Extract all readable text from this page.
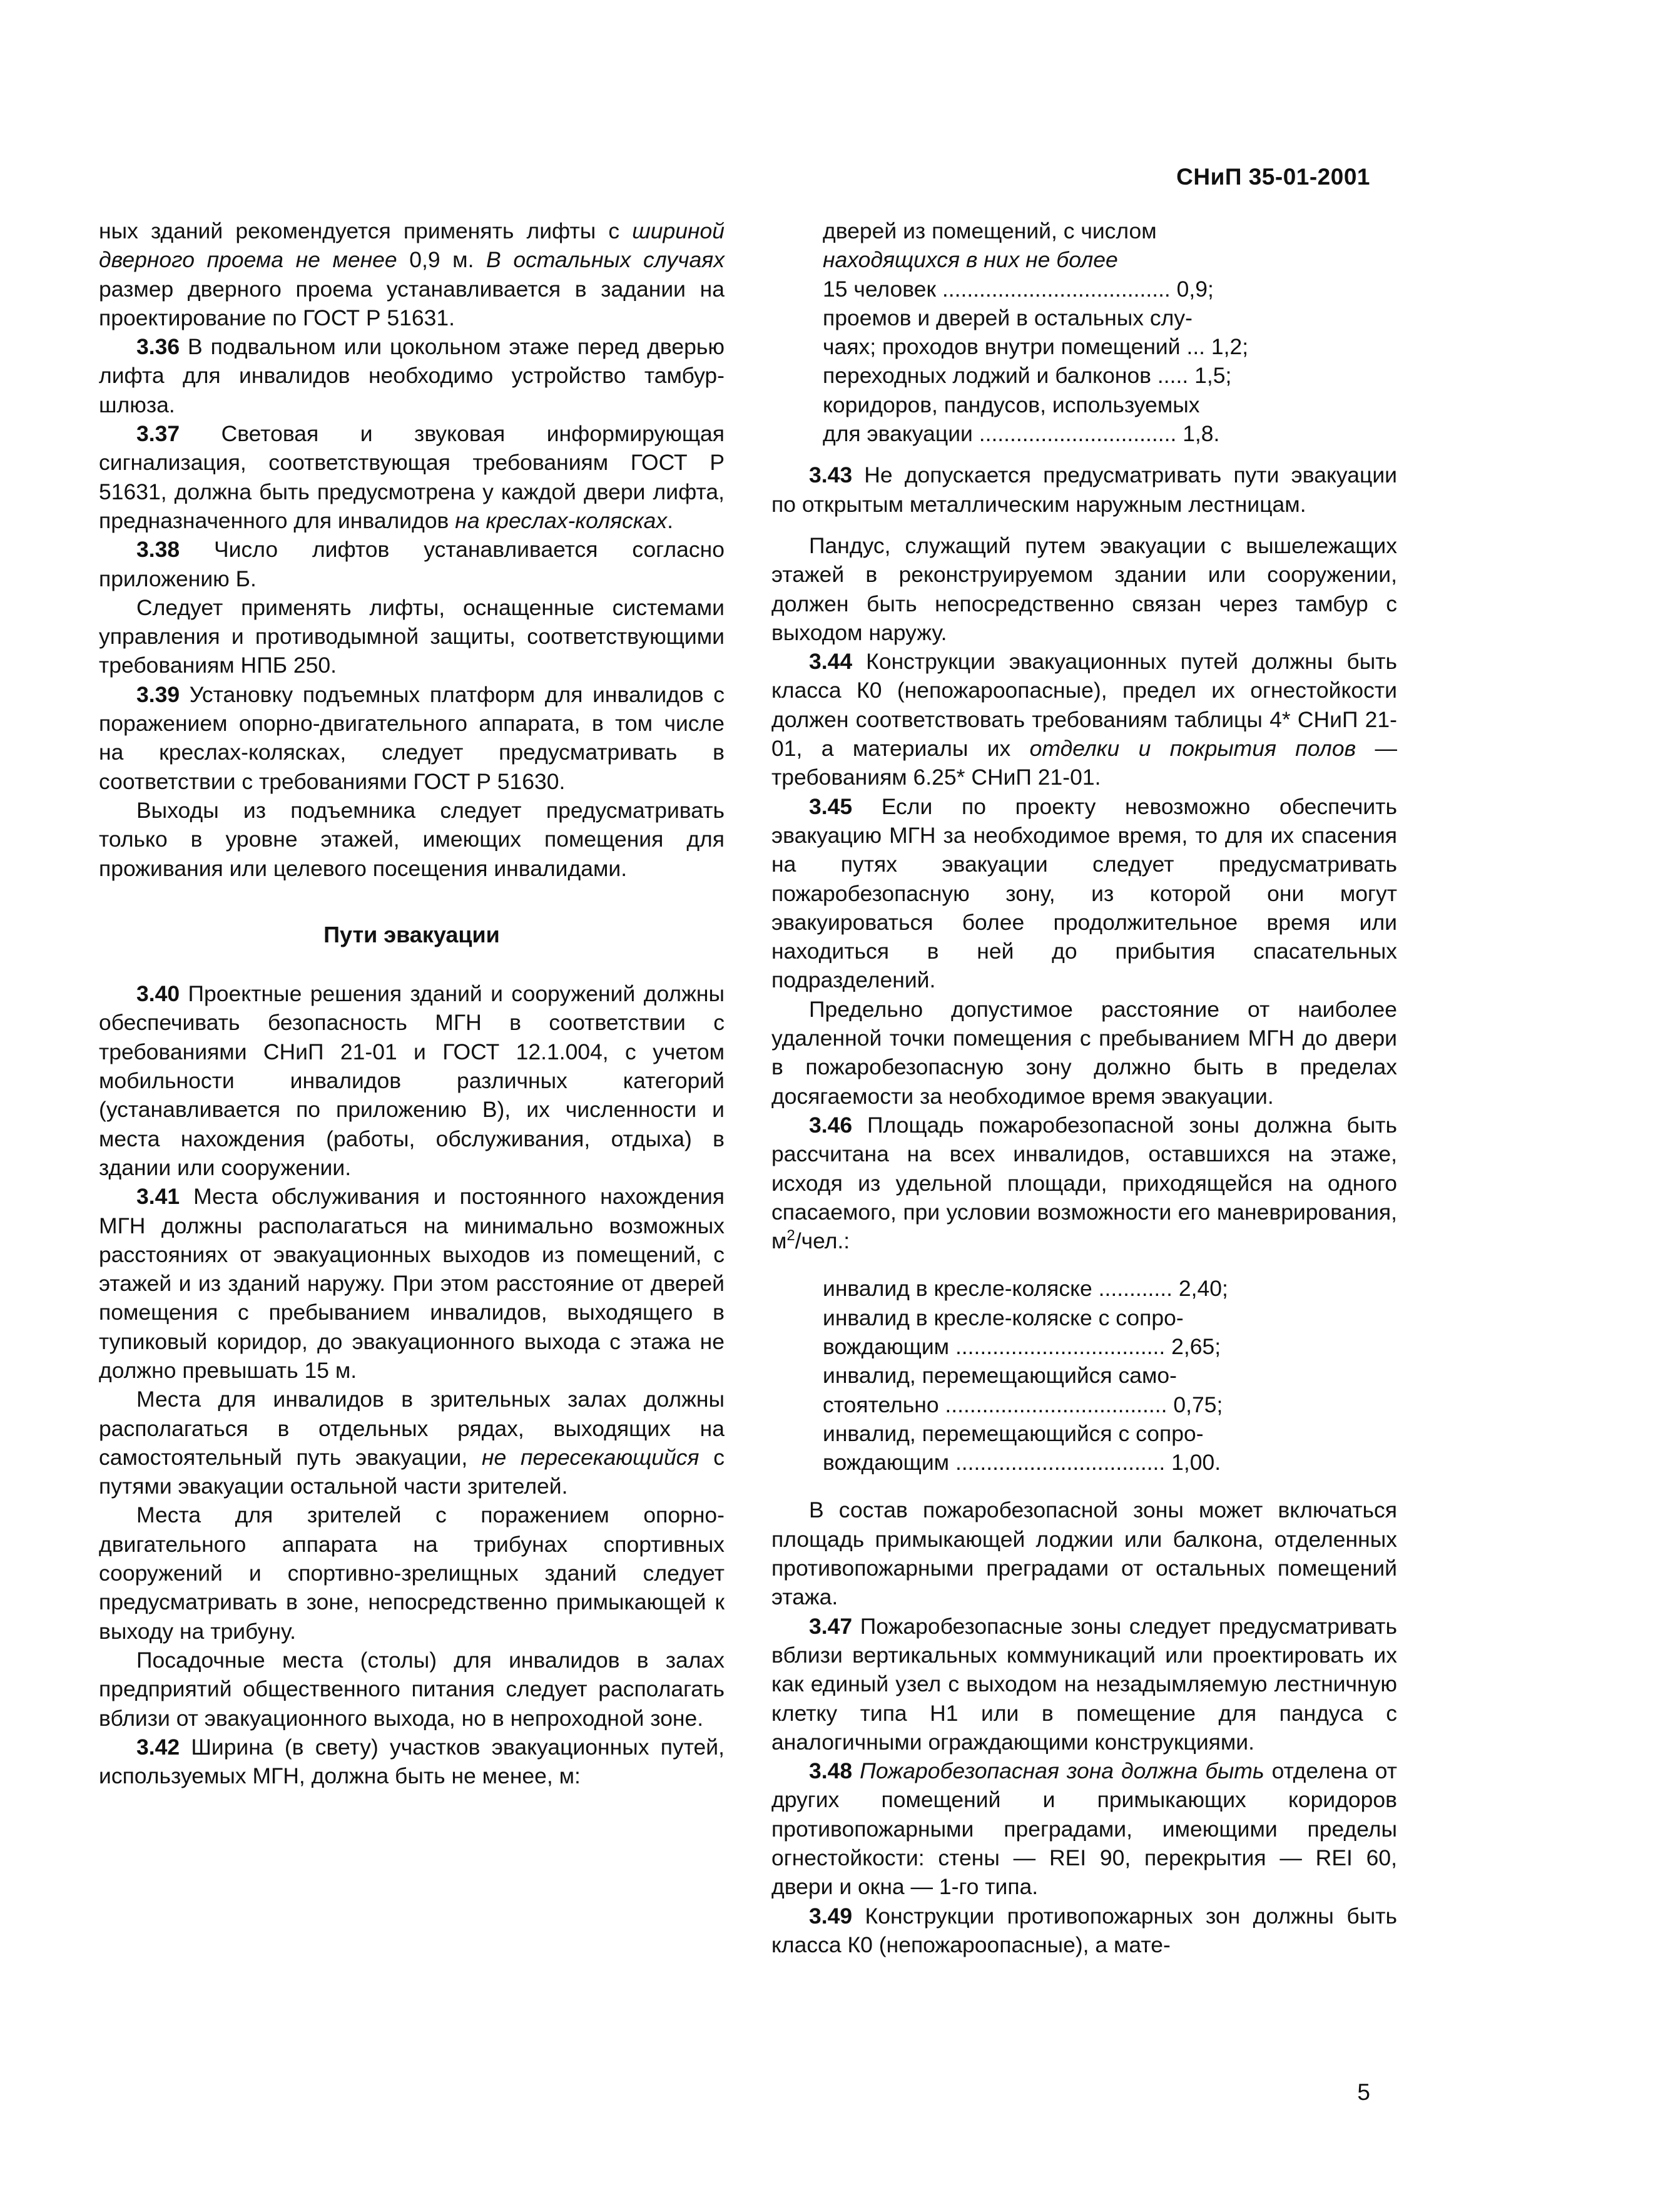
СНиП 35-01-2001

ных зданий рекомендуется применять лифты с шириной дверного проема не менее 0,9 м. В остальных случаях размер дверного проема устанавливается в задании на проектирование по ГОСТ Р 51631.

3.36 В подвальном или цокольном этаже перед дверью лифта для инвалидов необходимо устройство тамбур-шлюза.

3.37 Световая и звуковая информирующая сигнализация, соответствующая требованиям ГОСТ Р 51631, должна быть предусмотрена у каждой двери лифта, предназначенного для инвалидов на креслах-колясках.

3.38 Число лифтов устанавливается согласно приложению Б.

Следует применять лифты, оснащенные системами управления и противодымной защиты, соответствующими требованиям НПБ 250.

3.39 Установку подъемных платформ для инвалидов с поражением опорно-двигательного аппарата, в том числе на креслах-колясках, следует предусматривать в соответствии с требованиями ГОСТ Р 51630.

Выходы из подъемника следует предусматривать только в уровне этажей, имеющих помещения для проживания или целевого посещения инвалидами.

Пути эвакуации

3.40 Проектные решения зданий и сооружений должны обеспечивать безопасность МГН в соответствии с требованиями СНиП 21-01 и ГОСТ 12.1.004, с учетом мобильности инвалидов различных категорий (устанавливается по приложению В), их численности и места нахождения (работы, обслуживания, отдыха) в здании или сооружении.

3.41 Места обслуживания и постоянного нахождения МГН должны располагаться на минимально возможных расстояниях от эвакуационных выходов из помещений, с этажей и из зданий наружу. При этом расстояние от дверей помещения с пребыванием инвалидов, выходящего в тупиковый коридор, до эвакуационного выхода с этажа не должно превышать 15 м.

Места для инвалидов в зрительных залах должны располагаться в отдельных рядах, выходящих на самостоятельный путь эвакуации, не пересекающийся с путями эвакуации остальной части зрителей.

Места для зрителей с поражением опорно-двигательного аппарата на трибунах спортивных сооружений и спортивно-зрелищных зданий следует предусматривать в зоне, непосредственно примыкающей к выходу на трибуну.

Посадочные места (столы) для инвалидов в залах предприятий общественного питания следует располагать вблизи от эвакуационного выхода, но в непроходной зоне.

3.42 Ширина (в свету) участков эвакуационных путей, используемых МГН, должна быть не менее, м:

дверей из помещений, с числом
находящихся в них не более
15 человек ..................................... 0,9;
проемов и дверей в остальных слу-
чаях; проходов внутри помещений ... 1,2;
переходных лоджий и балконов ..... 1,5;
коридоров, пандусов, используемых
для эвакуации ................................ 1,8.

3.43 Не допускается предусматривать пути эвакуации по открытым металлическим наружным лестницам.

Пандус, служащий путем эвакуации с вышележащих этажей в реконструируемом здании или сооружении, должен быть непосредственно связан через тамбур с выходом наружу.

3.44 Конструкции эвакуационных путей должны быть класса К0 (непожароопасные), предел их огнестойкости должен соответствовать требованиям таблицы 4* СНиП 21-01, а материалы их отделки и покрытия полов — требованиям 6.25* СНиП 21-01.

3.45 Если по проекту невозможно обеспечить эвакуацию МГН за необходимое время, то для их спасения на путях эвакуации следует предусматривать пожаробезопасную зону, из которой они могут эвакуироваться более продолжительное время или находиться в ней до прибытия спасательных подразделений.

Предельно допустимое расстояние от наиболее удаленной точки помещения с пребыванием МГН до двери в пожаробезопасную зону должно быть в пределах досягаемости за необходимое время эвакуации.

3.46 Площадь пожаробезопасной зоны должна быть рассчитана на всех инвалидов, оставшихся на этаже, исходя из удельной площади, приходящейся на одного спасаемого, при условии возможности его маневрирования, $м^2$/чел.:

инвалид в кресле-коляске ............ 2,40;
инвалид в кресле-коляске с сопро-
вождающим .................................. 2,65;
инвалид, перемещающийся само-
стоятельно .................................... 0,75;
инвалид, перемещающийся с сопро-
вождающим .................................. 1,00.

В состав пожаробезопасной зоны может включаться площадь примыкающей лоджии или балкона, отделенных противопожарными преградами от остальных помещений этажа.

3.47 Пожаробезопасные зоны следует предусматривать вблизи вертикальных коммуникаций или проектировать их как единый узел с выходом на незадымляемую лестничную клетку типа Н1 или в помещение для пандуса с аналогичными ограждающими конструкциями.

3.48 Пожаробезопасная зона должна быть отделена от других помещений и примыкающих коридоров противопожарными преградами, имеющими пределы огнестойкости: стены — REI 90, перекрытия — REI 60, двери и окна — 1-го типа.

3.49 Конструкции противопожарных зон должны быть класса К0 (непожароопасные), а мате-

5
